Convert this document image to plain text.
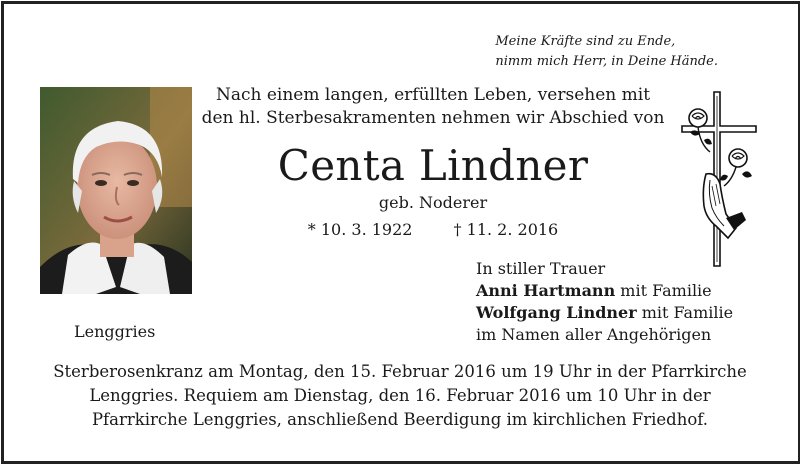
Meine Kräfte sind zu Ende,
nimm mich Herr, in Deine Hände.
Nach einem langen, erfüllten Leben, versehen mit
den hl. Sterbesakramenten nehmen wir Abschied von
Centa Lindner
geb. Noderer
* 10. 3. 1922	† 11. 2. 2016
Lenggries
In stiller Trauer
Anni Hartmann mit Familie
Wolfgang Lindner mit Familie
im Namen aller Angehörigen
Sterberosenkranz am Montag, den 15. Februar 2016 um 19 Uhr in der Pfarrkirche
Lenggries. Requiem am Dienstag, den 16. Februar 2016 um 10 Uhr in der
Pfarrkirche Lenggries, anschließend Beerdigung im kirchlichen Friedhof.
